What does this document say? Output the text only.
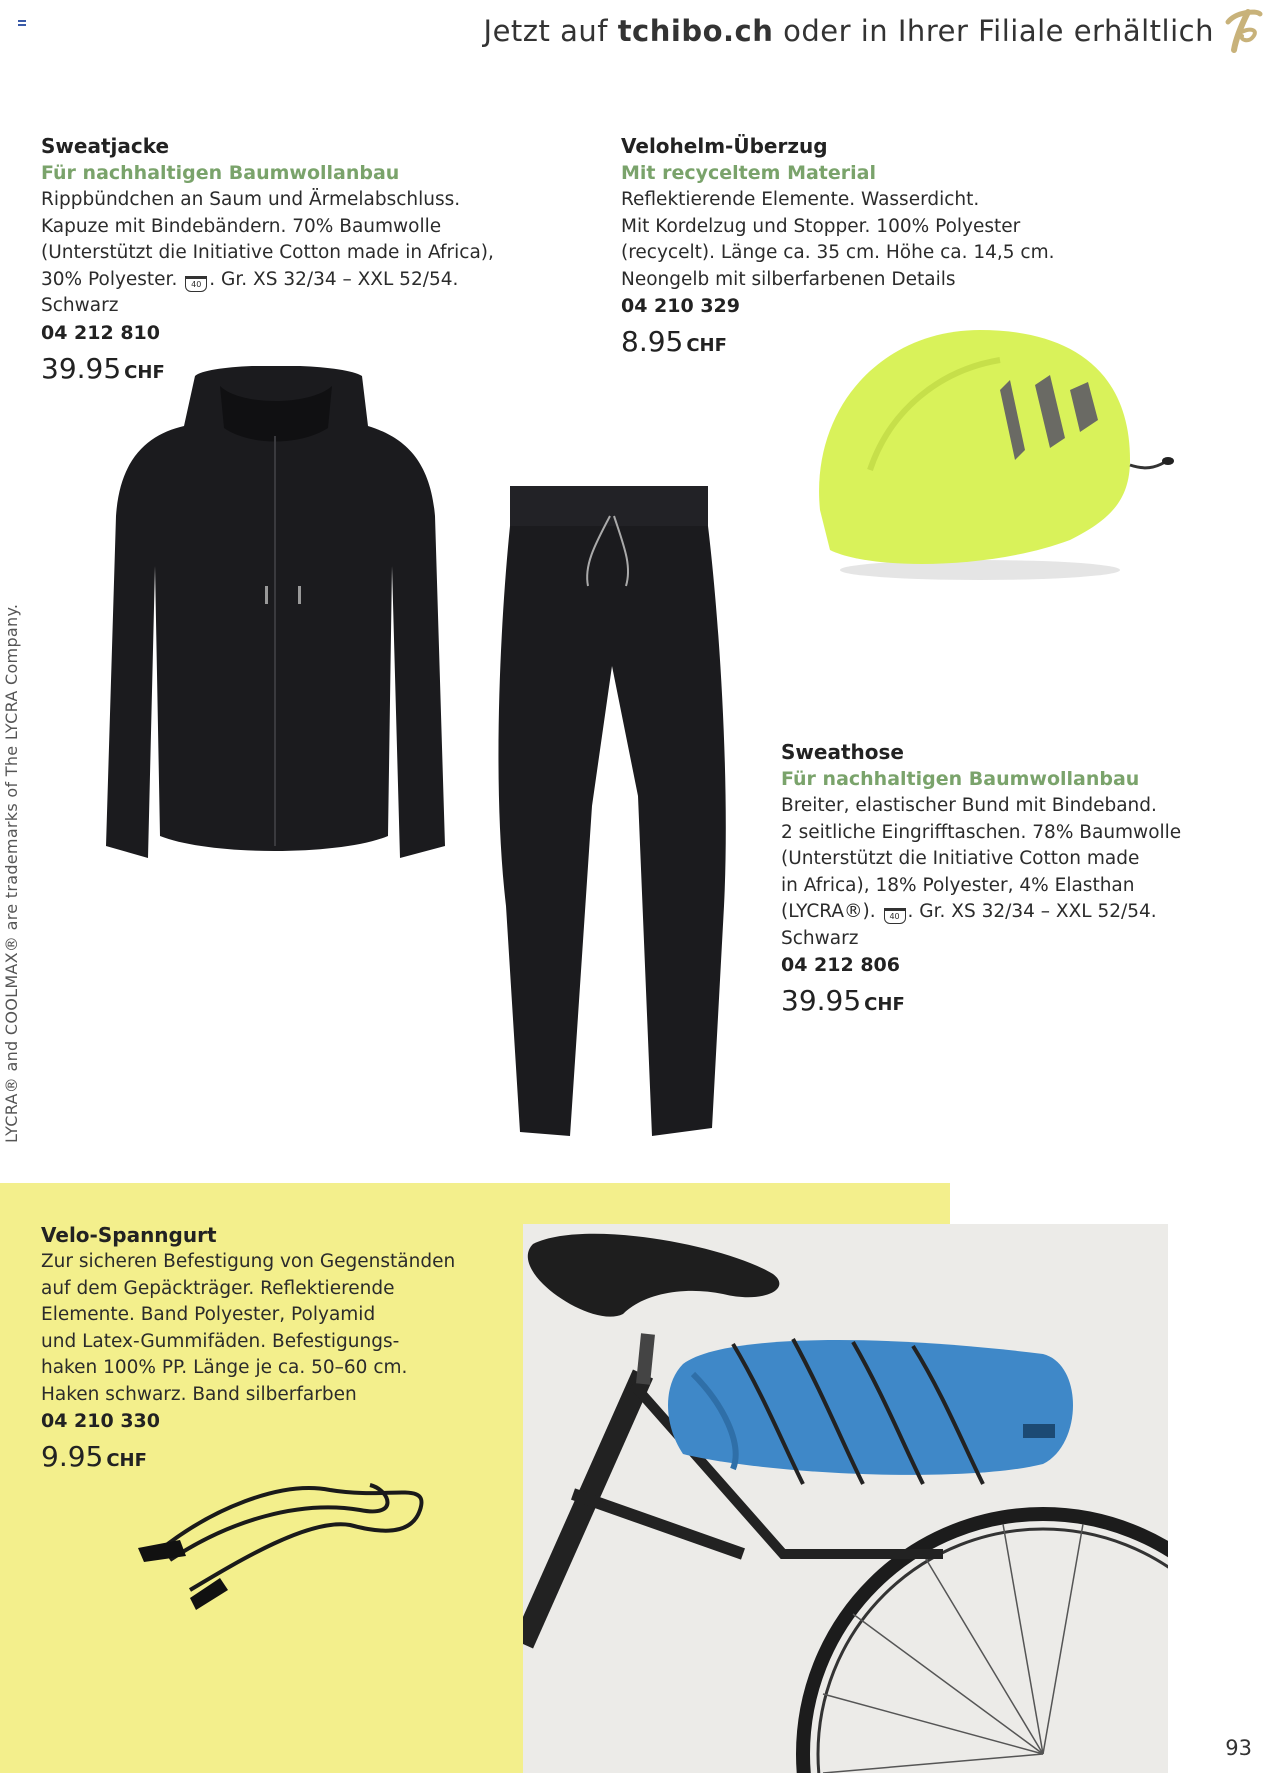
Jetzt auf tchibo.ch oder in Ihrer Filiale erhältlich
LYCRA® and COOLMAX® are trademarks of The LYCRA Company.
Sweatjacke
Für nachhaltigen Baumwollanbau
Rippbündchen an Saum und Ärmelabschluss.
Kapuze mit Bindebändern. 70% Baumwolle
(Unterstützt die Initiative Cotton made in Africa),
30% Polyester. 40 . Gr. XS 32/34 – XXL 52/54.
Schwarz
04 212 810
39.95 CHF
Velohelm-Überzug
Mit recyceltem Material
Reflektierende Elemente. Wasserdicht.
Mit Kordelzug und Stopper. 100% Polyester
(recycelt). Länge ca. 35 cm. Höhe ca. 14,5 cm.
Neongelb mit silberfarbenen Details
04 210 329
8.95 CHF
Sweathose
Für nachhaltigen Baumwollanbau
Breiter, elastischer Bund mit Bindeband.
2 seitliche Eingrifftaschen. 78% Baumwolle
(Unterstützt die Initiative Cotton made
in Africa), 18% Polyester, 4% Elasthan
(LYCRA®). 40 . Gr. XS 32/34 – XXL 52/54.
Schwarz
04 212 806
39.95 CHF
Velo-Spanngurt
Zur sicheren Befestigung von Gegenständen
auf dem Gepäckträger. Reflektierende
Elemente. Band Polyester, Polyamid
und Latex-Gummifäden. Befestigungs-
haken 100% PP. Länge je ca. 50–60 cm.
Haken schwarz. Band silberfarben
04 210 330
9.95 CHF
93
